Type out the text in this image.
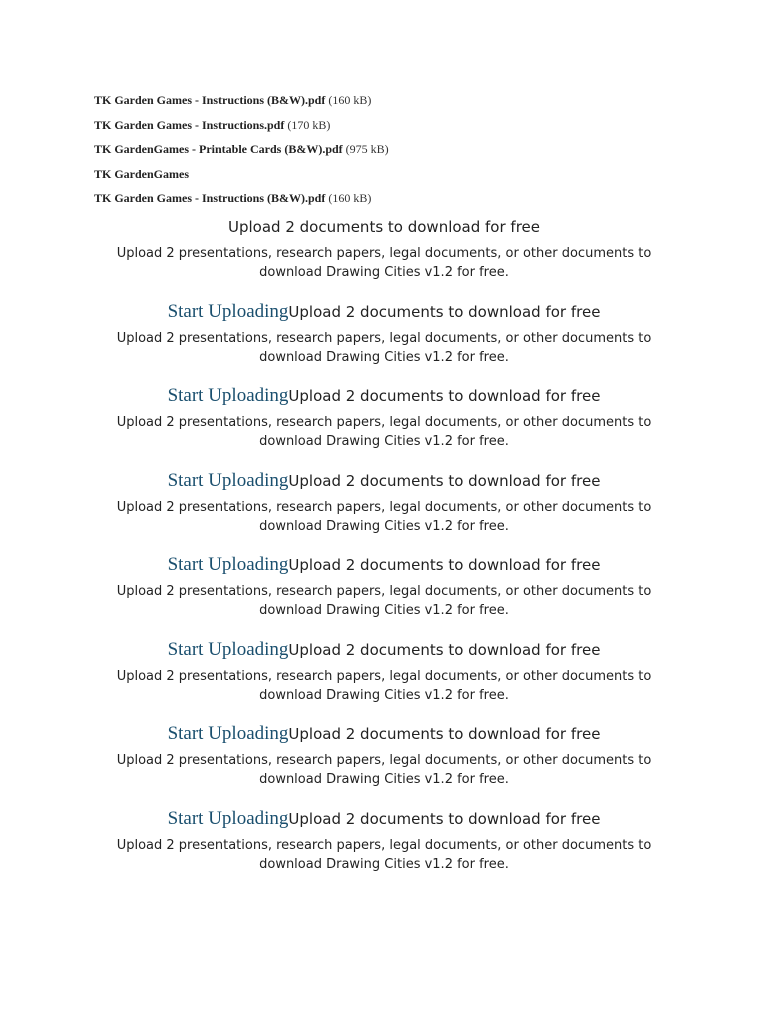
TK Garden Games - Instructions (B&W).pdf (160 kB)
TK Garden Games - Instructions.pdf (170 kB)
TK GardenGames - Printable Cards (B&W).pdf (975 kB)
TK GardenGames
TK Garden Games - Instructions (B&W).pdf (160 kB)
Upload 2 documents to download for free
Upload 2 presentations, research papers, legal documents, or other documents to download Drawing Cities v1.2 for free.
Start UploadingUpload 2 documents to download for free
Upload 2 presentations, research papers, legal documents, or other documents to download Drawing Cities v1.2 for free.
Start UploadingUpload 2 documents to download for free
Upload 2 presentations, research papers, legal documents, or other documents to download Drawing Cities v1.2 for free.
Start UploadingUpload 2 documents to download for free
Upload 2 presentations, research papers, legal documents, or other documents to download Drawing Cities v1.2 for free.
Start UploadingUpload 2 documents to download for free
Upload 2 presentations, research papers, legal documents, or other documents to download Drawing Cities v1.2 for free.
Start UploadingUpload 2 documents to download for free
Upload 2 presentations, research papers, legal documents, or other documents to download Drawing Cities v1.2 for free.
Start UploadingUpload 2 documents to download for free
Upload 2 presentations, research papers, legal documents, or other documents to download Drawing Cities v1.2 for free.
Start UploadingUpload 2 documents to download for free
Upload 2 presentations, research papers, legal documents, or other documents to download Drawing Cities v1.2 for free.
